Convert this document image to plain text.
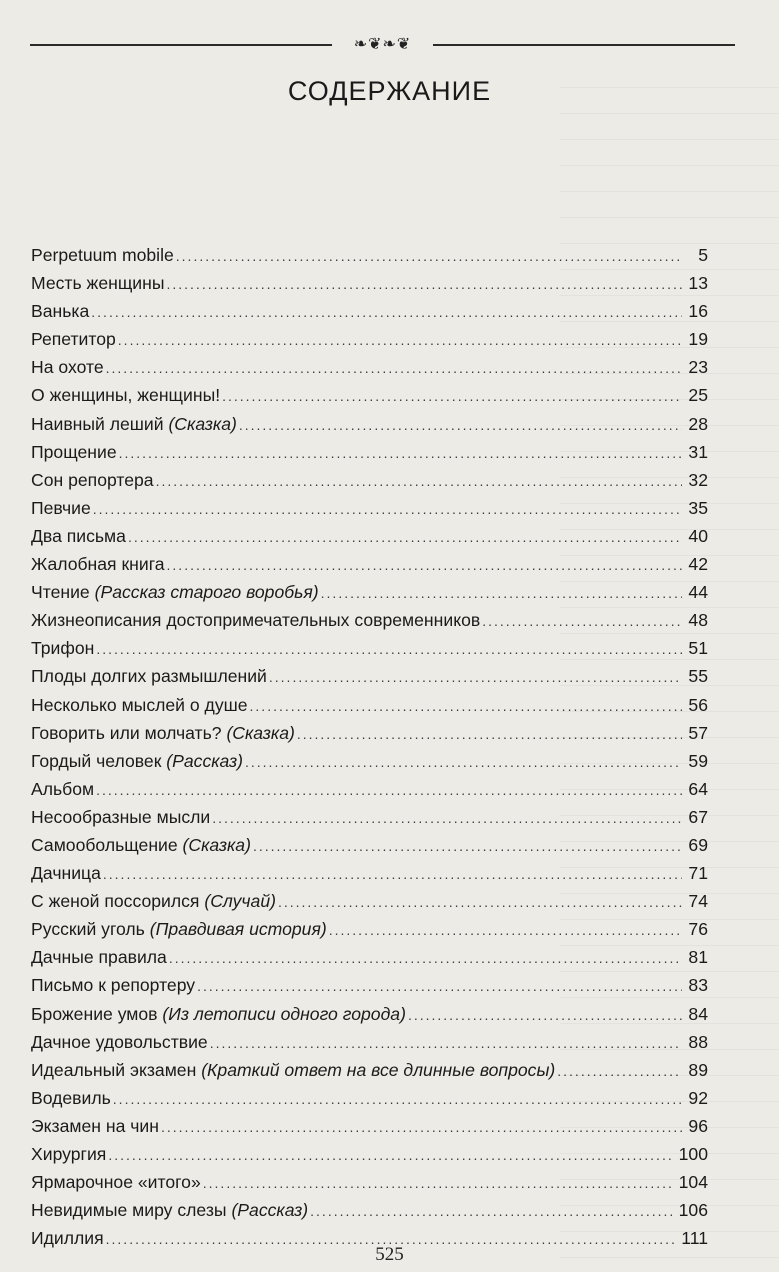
❧❦❧❦
СОДЕРЖАНИЕ
Perpetuum mobile .....	5
Месть женщины .....	13
Ванька .....	16
Репетитор .....	19
На охоте .....	23
О женщины, женщины! .....	25
Наивный леший (Сказка) .....	28
Прощение .....	31
Сон репортера .....	32
Певчие .....	35
Два письма .....	40
Жалобная книга .....	42
Чтение (Рассказ старого воробья) .....	44
Жизнеописания достопримечательных современников .....	48
Трифон .....	51
Плоды долгих размышлений .....	55
Несколько мыслей о душе .....	56
Говорить или молчать? (Сказка) .....	57
Гордый человек (Рассказ) .....	59
Альбом .....	64
Несообразные мысли .....	67
Самообольщение (Сказка) .....	69
Дачница .....	71
С женой поссорился (Случай) .....	74
Русский уголь (Правдивая история) .....	76
Дачные правила .....	81
Письмо к репортеру .....	83
Брожение умов (Из летописи одного города) .....	84
Дачное удовольствие .....	88
Идеальный экзамен (Краткий ответ на все длинные вопросы) .....	89
Водевиль .....	92
Экзамен на чин .....	96
Хирургия .....	100
Ярмарочное «итого» .....	104
Невидимые миру слезы (Рассказ) .....	106
Идиллия .....	111
525
